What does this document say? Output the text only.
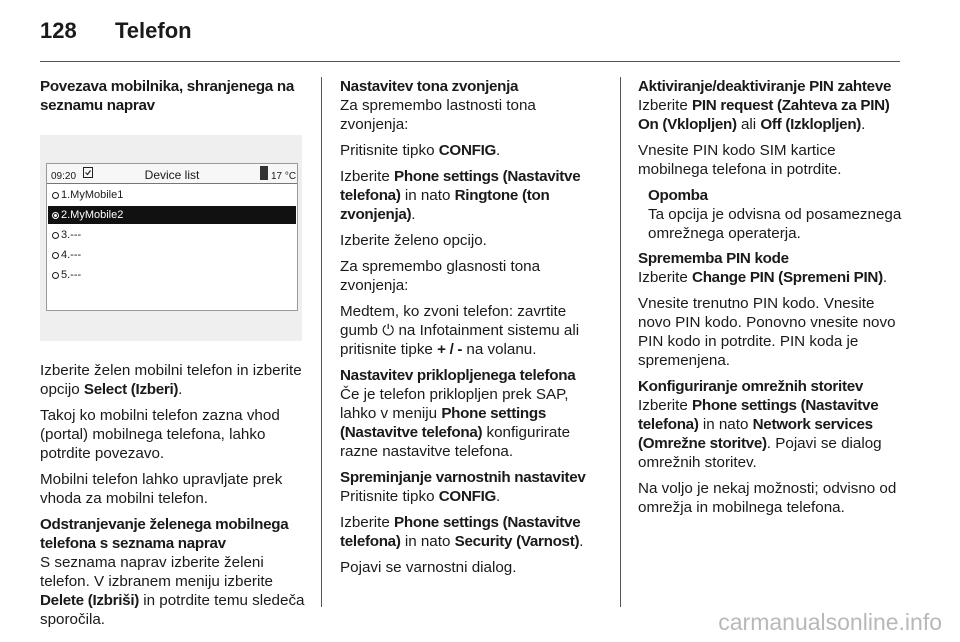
128	Telefon
Povezava mobilnika, shranjenega na seznamu naprav
09:20	Device list	17 °C
1.MyMobile1
2.MyMobile2
3.---
4.---
5.---

Izberite želen mobilni telefon in izberite opcijo Select (Izberi).

Takoj ko mobilni telefon zazna vhod (portal) mobilnega telefona, lahko potrdite povezavo.

Mobilni telefon lahko upravljate prek vhoda za mobilni telefon.

Odstranjevanje želenega mobilnega telefona s seznama naprav

S seznama naprav izberite želeni telefon. V izbranem meniju izberite Delete (Izbriši) in potrdite temu sledeča sporočila.

Nastavitev tona zvonjenja

Za spremembo lastnosti tona zvonjenja:

Pritisnite tipko CONFIG.

Izberite Phone settings (Nastavitve telefona) in nato Ringtone (ton zvonjenja).

Izberite želeno opcijo.

Za spremembo glasnosti tona zvonjenja:

Medtem, ko zvoni telefon: zavrtite gumb ⏻ na Infotainment sistemu ali pritisnite tipke + / - na volanu.

Nastavitev priklopljenega telefona

Če je telefon priklopljen prek SAP, lahko v meniju Phone settings (Nastavitve telefona) konfigurirate razne nastavitve telefona.

Spreminjanje varnostnih nastavitev

Pritisnite tipko CONFIG.

Izberite Phone settings (Nastavitve telefona) in nato Security (Varnost).

Pojavi se varnostni dialog.

Aktiviranje/deaktiviranje PIN zahteve

Izberite PIN request (Zahteva za PIN) On (Vklopljen) ali Off (Izklopljen).

Vnesite PIN kodo SIM kartice mobilnega telefona in potrdite.

Opomba
Ta opcija je odvisna od posameznega omrežnega operaterja.
Sprememba PIN kode

Izberite Change PIN (Spremeni PIN).

Vnesite trenutno PIN kodo. Vnesite novo PIN kodo. Ponovno vnesite novo PIN kodo in potrdite. PIN koda je spremenjena.

Konfiguriranje omrežnih storitev

Izberite Phone settings (Nastavitve telefona) in nato Network services (Omrežne storitve). Pojavi se dialog omrežnih storitev.

Na voljo je nekaj možnosti; odvisno od omrežja in mobilnega telefona.

carmanualsonline.info
